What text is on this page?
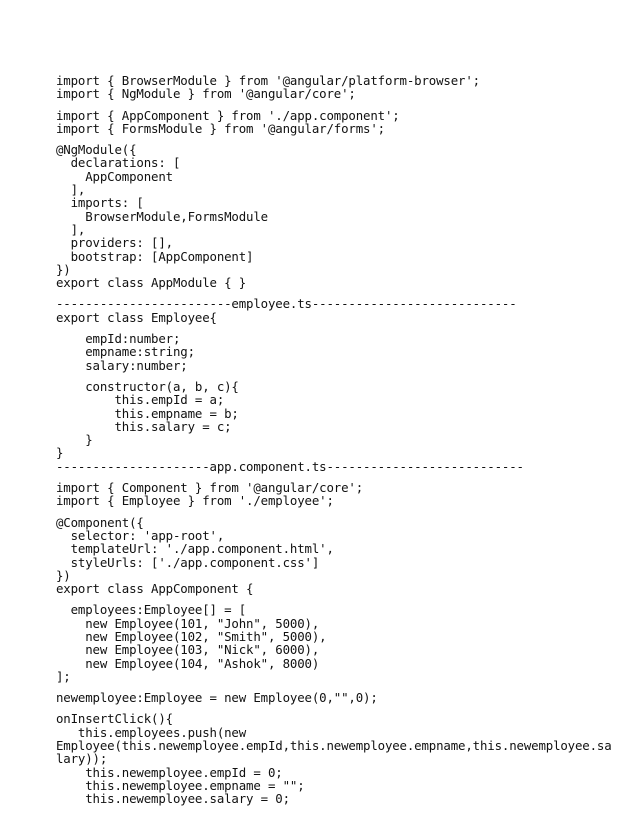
import { BrowserModule } from '@angular/platform-browser';
import { NgModule } from '@angular/core';
import { AppComponent } from './app.component';
import { FormsModule } from '@angular/forms';
@NgModule({
declarations: [
AppComponent
],
imports: [
BrowserModule,FormsModule
],
providers: [],
bootstrap: [AppComponent]
})
export class AppModule { }
------------------------employee.ts----------------------------
export class Employee{
empId:number;
empname:string;
salary:number;
constructor(a, b, c){
this.empId = a;
this.empname = b;
this.salary = c;
}
}
---------------------app.component.ts---------------------------
import { Component } from '@angular/core';
import { Employee } from './employee';
@Component({
selector: 'app-root',
templateUrl: './app.component.html',
styleUrls: ['./app.component.css']
})
export class AppComponent {
employees:Employee[] = [
new Employee(101, "John", 5000),
new Employee(102, "Smith", 5000),
new Employee(103, "Nick", 6000),
new Employee(104, "Ashok", 8000)
];
newemployee:Employee = new Employee(0,"",0);
onInsertClick(){
this.employees.push(new
Employee(this.newemployee.empId,this.newemployee.empname,this.newemployee.sa
lary));
this.newemployee.empId = 0;
this.newemployee.empname = "";
this.newemployee.salary = 0;
